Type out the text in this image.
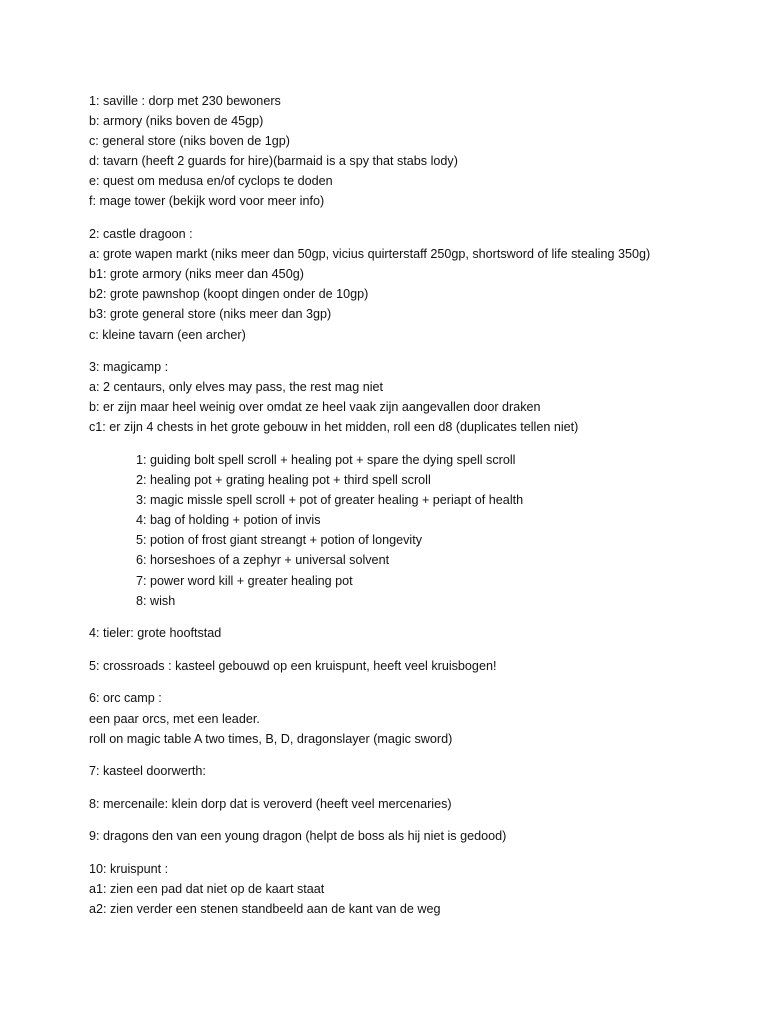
1: saville : dorp met 230 bewoners
b: armory (niks boven de 45gp)
c: general store (niks boven de 1gp)
d: tavarn (heeft 2 guards for hire)(barmaid is a spy that stabs lody)
e: quest om medusa en/of cyclops te doden
f: mage tower (bekijk word voor meer info)
2: castle dragoon :
a: grote wapen markt (niks meer dan 50gp, vicius quirterstaff 250gp, shortsword of life stealing 350g)
b1: grote armory (niks meer dan 450g)
b2: grote pawnshop (koopt dingen onder de 10gp)
b3: grote general store (niks meer dan 3gp)
c: kleine tavarn (een archer)
3: magicamp :
a: 2 centaurs, only elves may pass, the rest mag niet
b: er zijn maar heel weinig over omdat ze heel vaak zijn aangevallen door draken
c1: er zijn 4 chests in het grote gebouw in het midden, roll een d8 (duplicates tellen niet)
1: guiding bolt spell scroll + healing pot + spare the dying spell scroll
2: healing pot + grating healing pot + third spell scroll
3: magic missle spell scroll + pot of greater healing + periapt of health
4: bag of holding + potion of invis
5: potion of frost giant streangt + potion of longevity
6: horseshoes of a zephyr + universal solvent
7: power word kill + greater healing pot
8: wish
4: tieler: grote hooftstad
5: crossroads : kasteel gebouwd op een kruispunt, heeft veel kruisbogen!
6: orc camp :
een paar orcs, met een leader.
roll on magic table A two times, B, D, dragonslayer (magic sword)
7: kasteel doorwerth:
8: mercenaile: klein dorp dat is veroverd (heeft veel mercenaries)
9: dragons den van een young dragon (helpt de boss als hij niet is gedood)
10: kruispunt :
a1: zien een pad dat niet op de kaart staat
a2: zien verder een stenen standbeeld aan de kant van de weg
